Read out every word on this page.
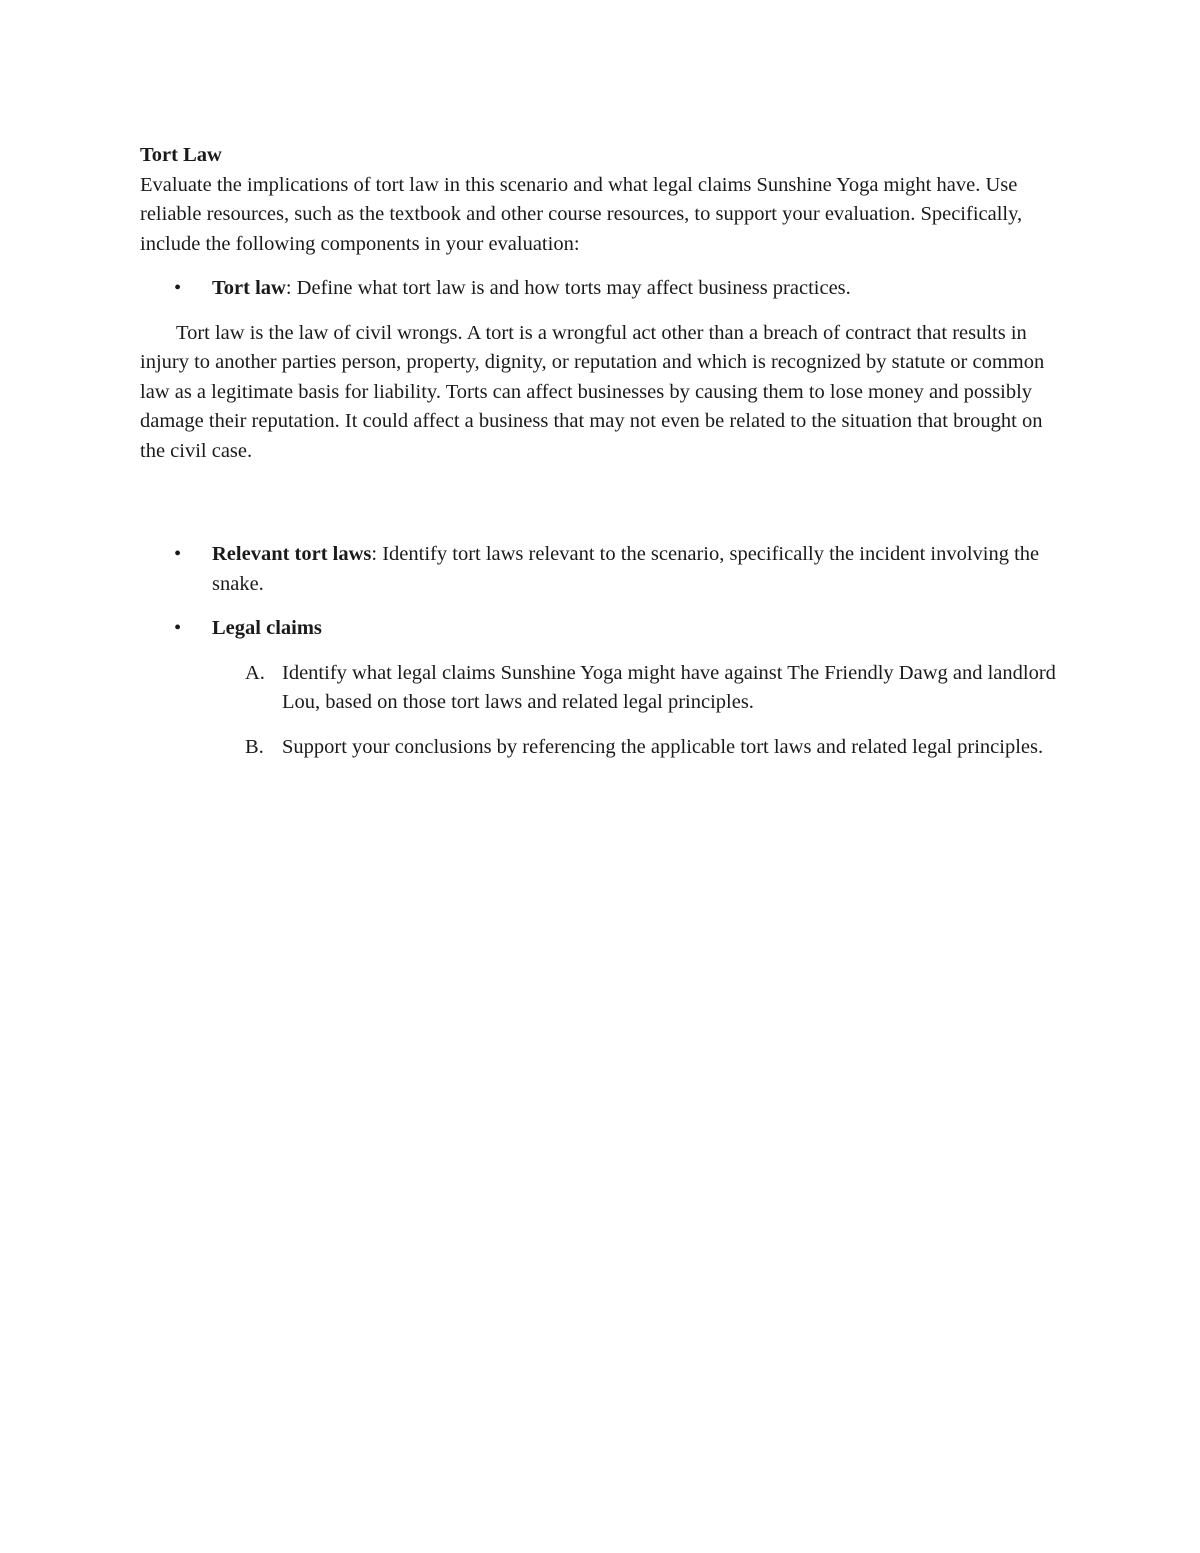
Tort Law

Evaluate the implications of tort law in this scenario and what legal claims Sunshine Yoga might have. Use reliable resources, such as the textbook and other course resources, to support your evaluation. Specifically, include the following components in your evaluation:

• Tort law: Define what tort law is and how torts may affect business practices.

Tort law is the law of civil wrongs. A tort is a wrongful act other than a breach of contract that results in injury to another parties person, property, dignity, or reputation and which is recognized by statute or common law as a legitimate basis for liability. Torts can affect businesses by causing them to lose money and possibly damage their reputation. It could affect a business that may not even be related to the situation that brought on the civil case.

• Relevant tort laws: Identify tort laws relevant to the scenario, specifically the incident involving the snake.
• Legal claims
A. Identify what legal claims Sunshine Yoga might have against The Friendly Dawg and landlord Lou, based on those tort laws and related legal principles.
B. Support your conclusions by referencing the applicable tort laws and related legal principles.
